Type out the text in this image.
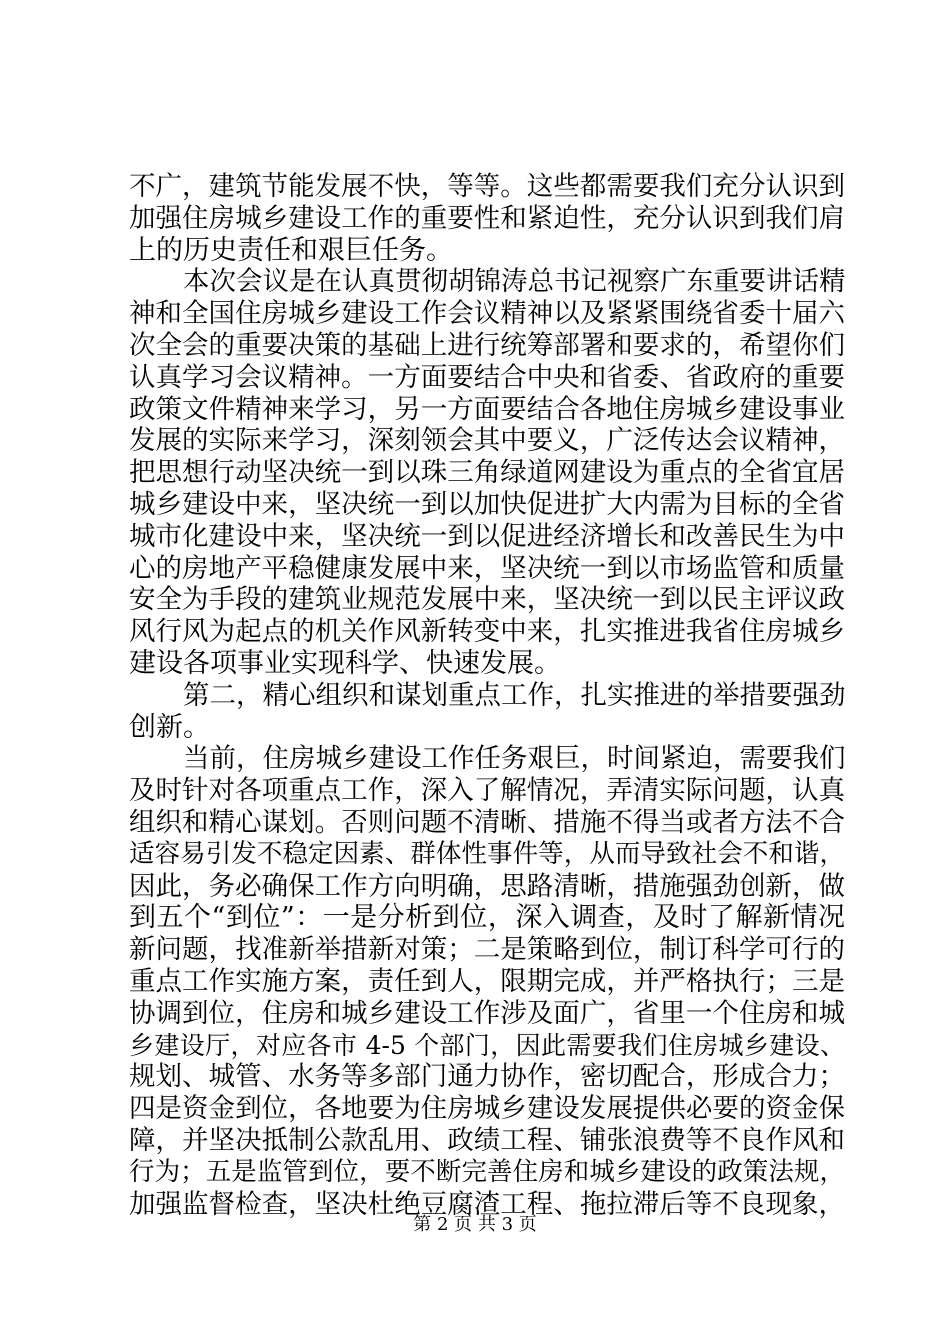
不广，建筑节能发展不快，等等。这些都需要我们充分认识到
加强住房城乡建设工作的重要性和紧迫性，充分认识到我们肩
上的历史责任和艰巨任务。
本次会议是在认真贯彻胡锦涛总书记视察广东重要讲话精
神和全国住房城乡建设工作会议精神以及紧紧围绕省委十届六
次全会的重要决策的基础上进行统筹部署和要求的，希望你们
认真学习会议精神。一方面要结合中央和省委、省政府的重要
政策文件精神来学习，另一方面要结合各地住房城乡建设事业
发展的实际来学习，深刻领会其中要义，广泛传达会议精神，
把思想行动坚决统一到以珠三角绿道网建设为重点的全省宜居
城乡建设中来，坚决统一到以加快促进扩大内需为目标的全省
城市化建设中来，坚决统一到以促进经济增长和改善民生为中
心的房地产平稳健康发展中来，坚决统一到以市场监管和质量
安全为手段的建筑业规范发展中来，坚决统一到以民主评议政
风行风为起点的机关作风新转变中来，扎实推进我省住房城乡
建设各项事业实现科学、快速发展。
第二，精心组织和谋划重点工作，扎实推进的举措要强劲
创新。
当前，住房城乡建设工作任务艰巨，时间紧迫，需要我们
及时针对各项重点工作，深入了解情况，弄清实际问题，认真
组织和精心谋划。否则问题不清晰、措施不得当或者方法不合
适容易引发不稳定因素、群体性事件等，从而导致社会不和谐，
因此，务必确保工作方向明确，思路清晰，措施强劲创新，做
到五个“到位”：一是分析到位，深入调查，及时了解新情况
新问题，找准新举措新对策；二是策略到位，制订科学可行的
重点工作实施方案，责任到人，限期完成，并严格执行；三是
协调到位，住房和城乡建设工作涉及面广，省里一个住房和城
乡建设厅，对应各市 4-5 个部门，因此需要我们住房城乡建设、
规划、城管、水务等多部门通力协作，密切配合，形成合力；
四是资金到位，各地要为住房城乡建设发展提供必要的资金保
障，并坚决抵制公款乱用、政绩工程、铺张浪费等不良作风和
行为；五是监管到位，要不断完善住房和城乡建设的政策法规，
加强监督检查，坚决杜绝豆腐渣工程、拖拉滞后等不良现象，
第 2 页 共 3 页
